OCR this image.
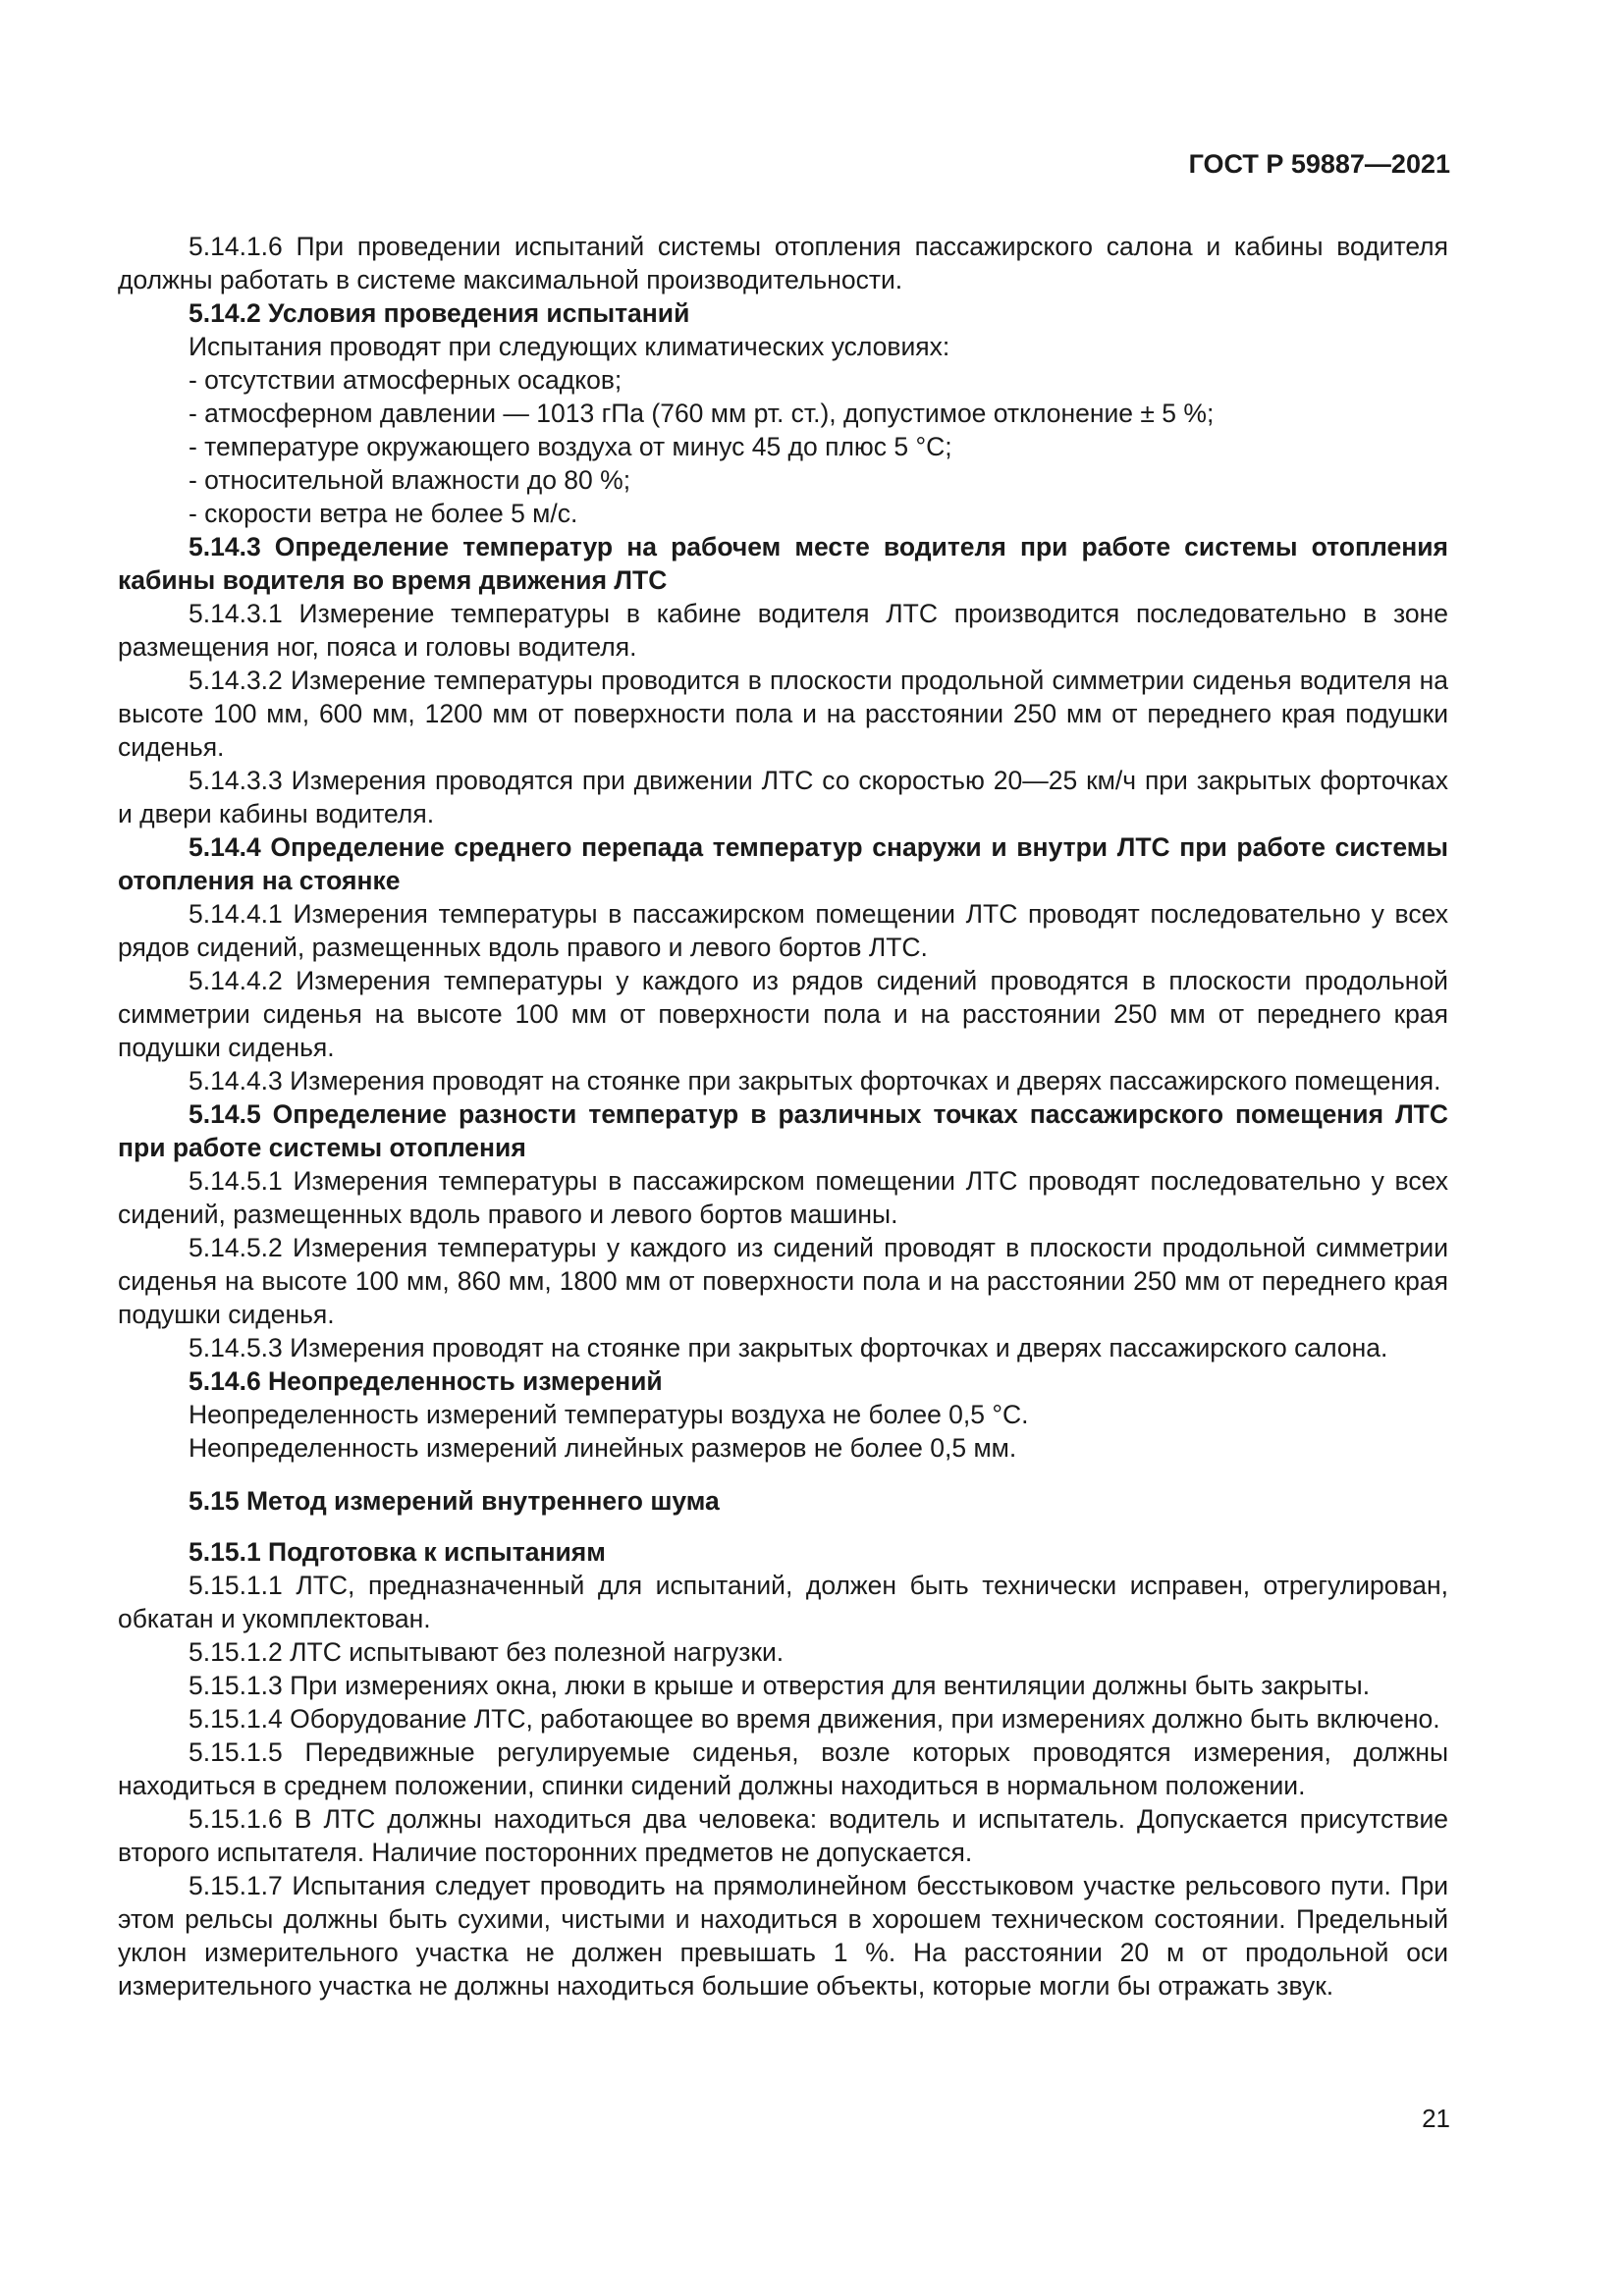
ГОСТ Р 59887—2021

5.14.1.6 При проведении испытаний системы отопления пассажирского салона и кабины водителя должны работать в системе максимальной производительности.

5.14.2 Условия проведения испытаний

Испытания проводят при следующих климатических условиях:

- отсутствии атмосферных осадков;

- атмосферном давлении — 1013 гПа (760 мм рт. ст.), допустимое отклонение ± 5 %;

- температуре окружающего воздуха от минус 45 до плюс 5 °С;

- относительной влажности до 80 %;

- скорости ветра не более 5 м/с.

5.14.3 Определение температур на рабочем месте водителя при работе системы отопления кабины водителя во время движения ЛТС

5.14.3.1 Измерение температуры в кабине водителя ЛТС производится последовательно в зоне размещения ног, пояса и головы водителя.

5.14.3.2 Измерение температуры проводится в плоскости продольной симметрии сиденья водителя на высоте 100 мм, 600 мм, 1200 мм от поверхности пола и на расстоянии 250 мм от переднего края подушки сиденья.

5.14.3.3 Измерения проводятся при движении ЛТС со скоростью 20—25 км/ч при закрытых форточках и двери кабины водителя.

5.14.4 Определение среднего перепада температур снаружи и внутри ЛТС при работе системы отопления на стоянке

5.14.4.1 Измерения температуры в пассажирском помещении ЛТС проводят последовательно у всех рядов сидений, размещенных вдоль правого и левого бортов ЛТС.

5.14.4.2 Измерения температуры у каждого из рядов сидений проводятся в плоскости продольной симметрии сиденья на высоте 100 мм от поверхности пола и на расстоянии 250 мм от переднего края подушки сиденья.

5.14.4.3 Измерения проводят на стоянке при закрытых форточках и дверях пассажирского помещения.

5.14.5 Определение разности температур в различных точках пассажирского помещения ЛТС при работе системы отопления

5.14.5.1 Измерения температуры в пассажирском помещении ЛТС проводят последовательно у всех сидений, размещенных вдоль правого и левого бортов машины.

5.14.5.2 Измерения температуры у каждого из сидений проводят в плоскости продольной симметрии сиденья на высоте 100 мм, 860 мм, 1800 мм от поверхности пола и на расстоянии 250 мм от переднего края подушки сиденья.

5.14.5.3 Измерения проводят на стоянке при закрытых форточках и дверях пассажирского салона.

5.14.6 Неопределенность измерений

Неопределенность измерений температуры воздуха не более 0,5 °С.

Неопределенность измерений линейных размеров не более 0,5 мм.

5.15 Метод измерений внутреннего шума

5.15.1 Подготовка к испытаниям

5.15.1.1 ЛТС, предназначенный для испытаний, должен быть технически исправен, отрегулирован, обкатан и укомплектован.

5.15.1.2 ЛТС испытывают без полезной нагрузки.

5.15.1.3 При измерениях окна, люки в крыше и отверстия для вентиляции должны быть закрыты.

5.15.1.4 Оборудование ЛТС, работающее во время движения, при измерениях должно быть включено.

5.15.1.5 Передвижные регулируемые сиденья, возле которых проводятся измерения, должны находиться в среднем положении, спинки сидений должны находиться в нормальном положении.

5.15.1.6 В ЛТС должны находиться два человека: водитель и испытатель. Допускается присутствие второго испытателя. Наличие посторонних предметов не допускается.

5.15.1.7 Испытания следует проводить на прямолинейном бесстыковом участке рельсового пути. При этом рельсы должны быть сухими, чистыми и находиться в хорошем техническом состоянии. Предельный уклон измерительного участка не должен превышать 1 %. На расстоянии 20 м от продольной оси измерительного участка не должны находиться большие объекты, которые могли бы отражать звук.

21
